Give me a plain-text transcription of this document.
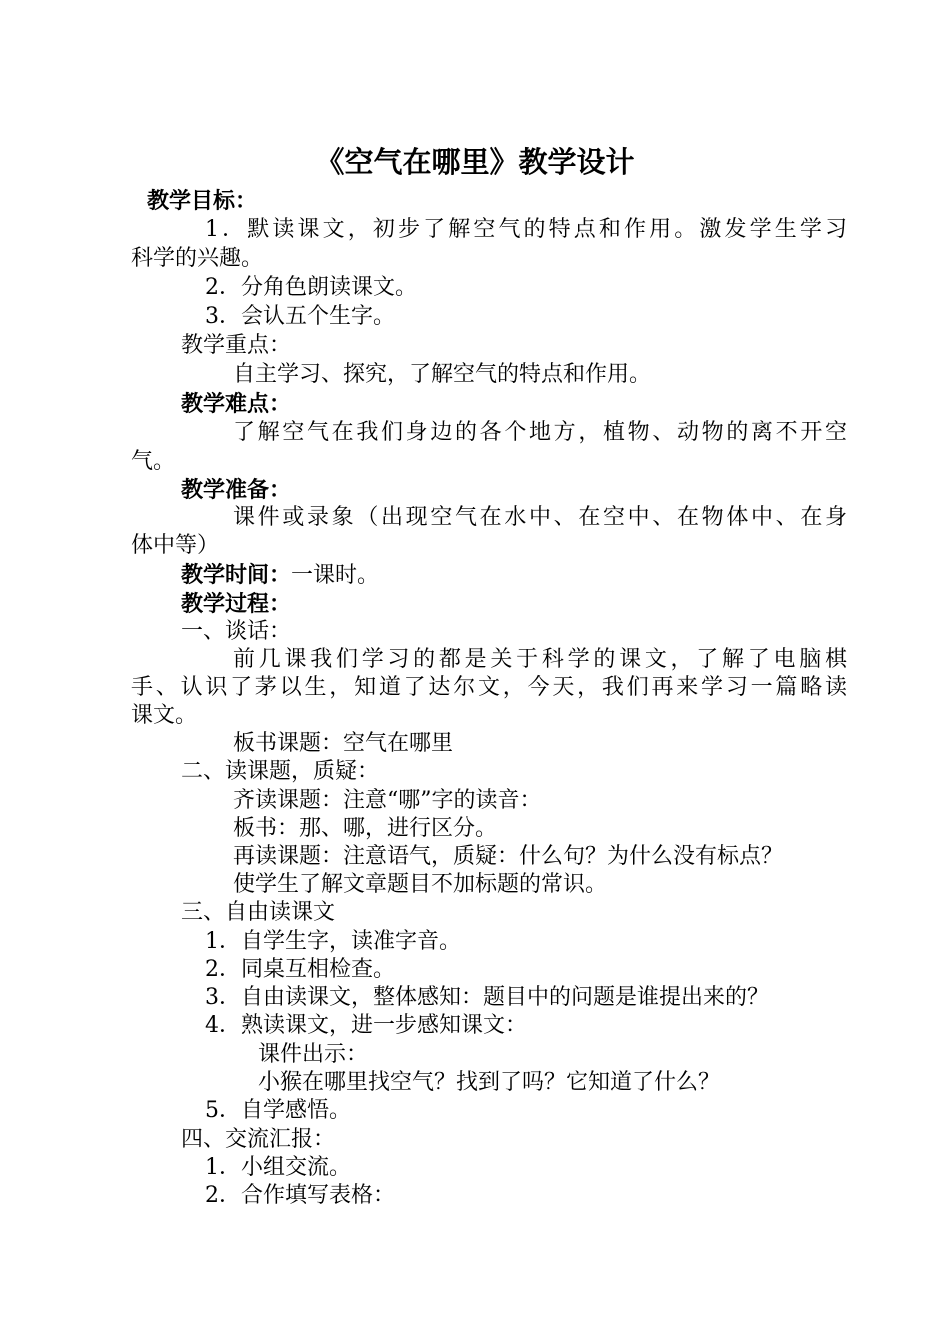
《空气在哪里》教学设计
教学目标：
1．默读课文，初步了解空气的特点和作用。激发学生学习
科学的兴趣。
2．分角色朗读课文。
3．会认五个生字。
教学重点：
自主学习、探究，了解空气的特点和作用。
教学难点：
了解空气在我们身边的各个地方，植物、动物的离不开空
气。
教学准备：
课件或录象（出现空气在水中、在空中、在物体中、在身
体中等）
教学时间：一课时。
教学过程：
一、谈话：
前几课我们学习的都是关于科学的课文，了解了电脑棋
手、认识了茅以生，知道了达尔文，今天，我们再来学习一篇略读
课文。
板书课题：空气在哪里
二、读课题，质疑：
齐读课题：注意“哪”字的读音：
板书：那、哪，进行区分。
再读课题：注意语气，质疑：什么句？为什么没有标点？
使学生了解文章题目不加标题的常识。
三、自由读课文
1．自学生字，读准字音。
2．同桌互相检查。
3．自由读课文，整体感知：题目中的问题是谁提出来的？
4．熟读课文，进一步感知课文：
课件出示：
小猴在哪里找空气？找到了吗？它知道了什么？
5．自学感悟。
四、交流汇报：
1．小组交流。
2．合作填写表格：
